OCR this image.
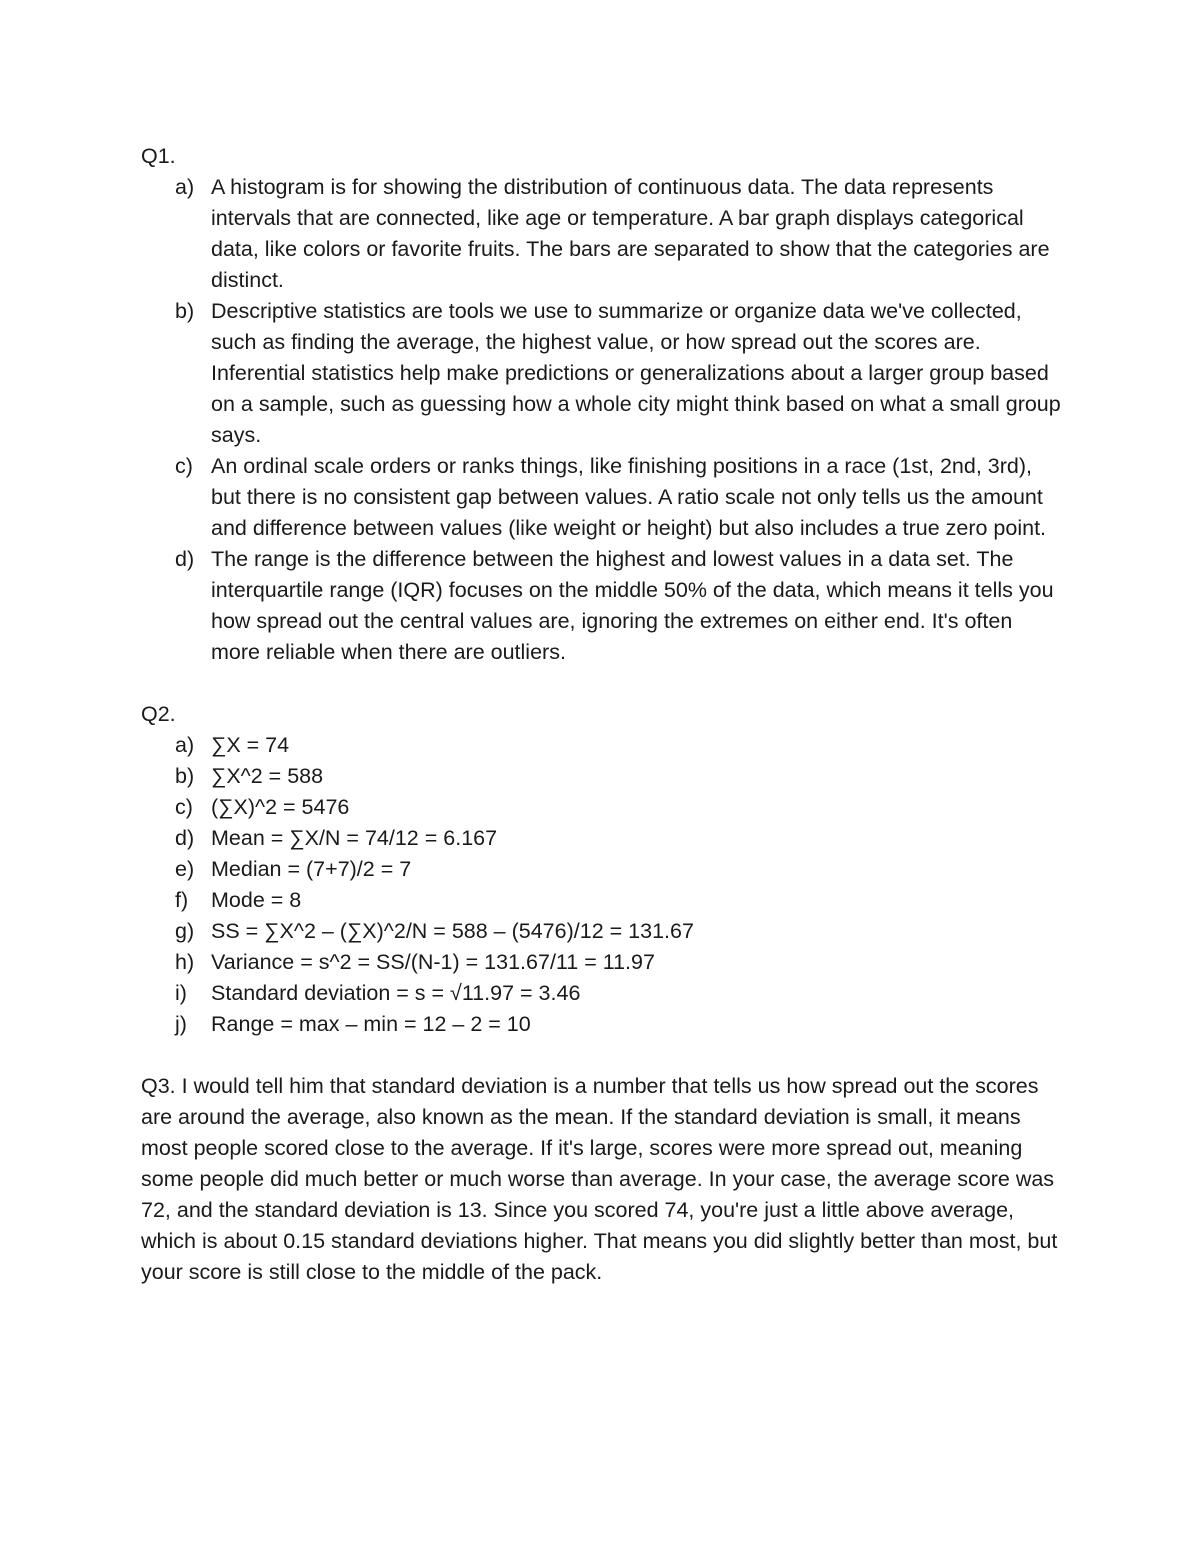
Q1.

a) A histogram is for showing the distribution of continuous data. The data represents intervals that are connected, like age or temperature. A bar graph displays categorical data, like colors or favorite fruits. The bars are separated to show that the categories are distinct.
b) Descriptive statistics are tools we use to summarize or organize data we've collected, such as finding the average, the highest value, or how spread out the scores are. Inferential statistics help make predictions or generalizations about a larger group based on a sample, such as guessing how a whole city might think based on what a small group says.
c) An ordinal scale orders or ranks things, like finishing positions in a race (1st, 2nd, 3rd), but there is no consistent gap between values. A ratio scale not only tells us the amount and difference between values (like weight or height) but also includes a true zero point.
d) The range is the difference between the highest and lowest values in a data set. The interquartile range (IQR) focuses on the middle 50% of the data, which means it tells you how spread out the central values are, ignoring the extremes on either end. It's often more reliable when there are outliers.

Q2.

a) ∑X = 74
b) ∑X^2 = 588
c) (∑X)^2 = 5476
d) Mean = ∑X/N = 74/12 = 6.167
e) Median = (7+7)/2 = 7
f) Mode = 8
g) SS = ∑X^2 – (∑X)^2/N = 588 – (5476)/12 = 131.67
h) Variance = s^2 = SS/(N-1) = 131.67/11 = 11.97
i) Standard deviation = s = √11.97 = 3.46
j) Range = max – min = 12 – 2 = 10

Q3. I would tell him that standard deviation is a number that tells us how spread out the scores are around the average, also known as the mean. If the standard deviation is small, it means most people scored close to the average. If it's large, scores were more spread out, meaning some people did much better or much worse than average. In your case, the average score was 72, and the standard deviation is 13. Since you scored 74, you're just a little above average, which is about 0.15 standard deviations higher. That means you did slightly better than most, but your score is still close to the middle of the pack.
